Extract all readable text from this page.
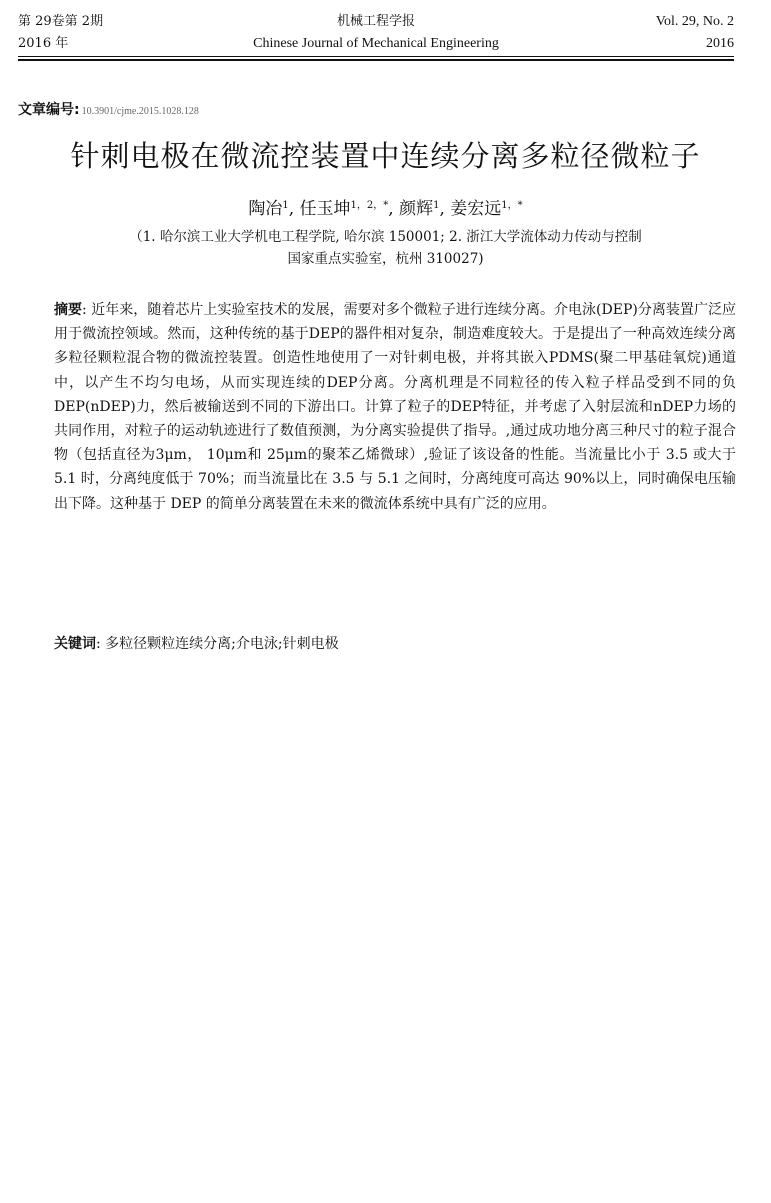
第 29卷第 2期	机械工程学报	Vol. 29, No. 2
2016 年	Chinese Journal of Mechanical Engineering	2016
文章编号: 10.3901/cjme.2015.1028.128
针刺电极在微流控装置中连续分离多粒径微粒子
陶冶$^1$, 任玉坤$^{1,2,*}$, 颜辉$^1$, 姜宏远$^{1,*}$
（1. 哈尔滨工业大学机电工程学院, 哈尔滨 150001; 2. 浙江大学流体动力传动与控制
国家重点实验室，杭州 310027)
摘要: 近年来，随着芯片上实验室技术的发展，需要对多个微粒子进行连续分离。介电泳(DEP)分离装置广泛应用于微流控领域。然而，这种传统的基于DEP的器件相对复杂，制造难度较大。于是提出了一种高效连续分离多粒径颗粒混合物的微流控装置。创造性地使用了一对针刺电极，并将其嵌入PDMS(聚二甲基硅氧烷)通道中，以产生不均匀电场，从而实现连续的DEP分离。分离机理是不同粒径的传入粒子样品受到不同的负DEP(nDEP)力，然后被输送到不同的下游出口。计算了粒子的DEP特征，并考虑了入射层流和nDEP力场的共同作用，对粒子的运动轨迹进行了数值预测，为分离实验提供了指导。,通过成功地分离三种尺寸的粒子混合物（包括直径为3μm， 10μm和 25μm的聚苯乙烯微球）,验证了该设备的性能。当流量比小于 3.5 或大于 5.1 时，分离纯度低于 70%；而当流量比在 3.5 与 5.1 之间时，分离纯度可高达 90%以上，同时确保电压输出下降。这种基于 DEP 的简单分离装置在未来的微流体系统中具有广泛的应用。
关键词: 多粒径颗粒连续分离;介电泳;针刺电极
